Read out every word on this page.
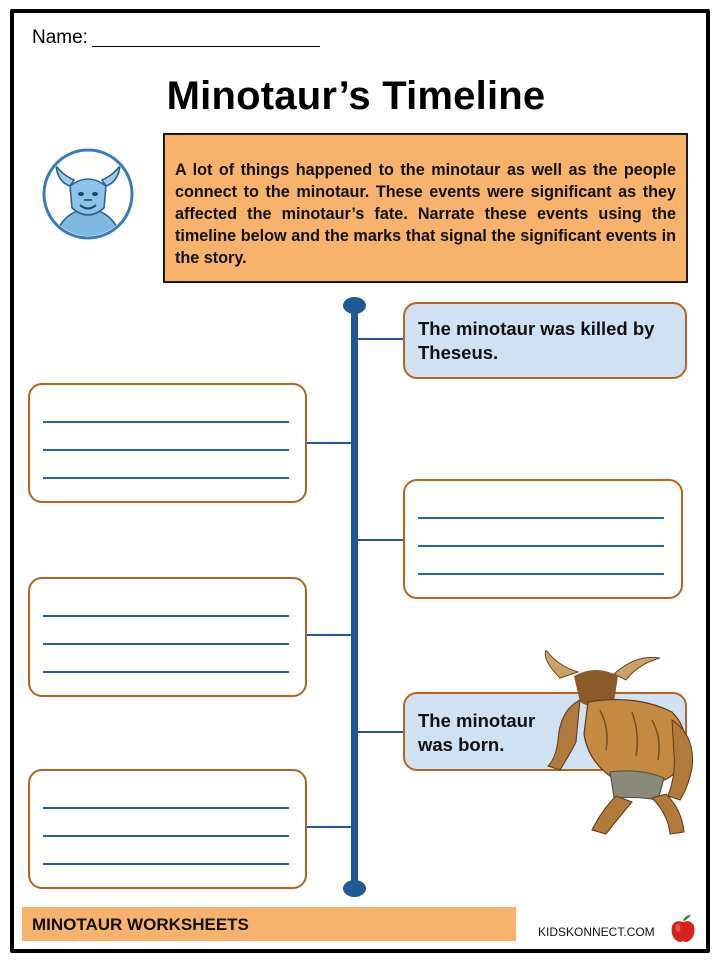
Name:
Minotaur’s Timeline

A lot of things happened to the minotaur as well as the people connect to the minotaur. These events were significant as they affected the minotaur’s fate. Narrate these events using the timeline below and the marks that signal the significant events in the story.

The minotaur was killed by Theseus.
The minotaur was born.
MINOTAUR WORKSHEETS	KIDSKONNECT.COM
